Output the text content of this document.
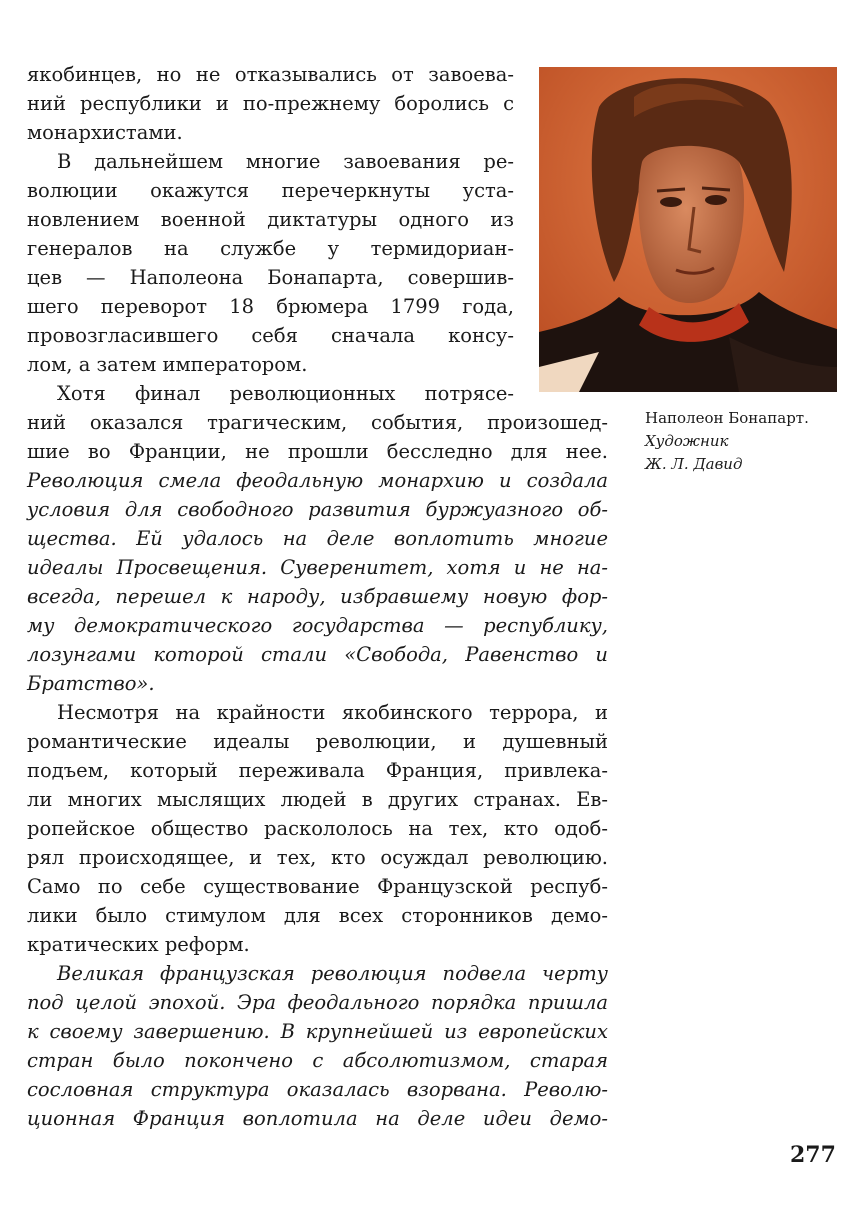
якобинцев, но не отказывались от завоева-
ний республики и по-прежнему боролись с
монархистами.
В дальнейшем многие завоевания ре-
волюции окажутся перечеркнуты уста-
новлением военной диктатуры одного из
генералов на службе у термидориан-
цев — Наполеона Бонапарта, совершив-
шего переворот 18 брюмера 1799 года,
провозгласившего себя сначала консу-
лом, а затем императором.
Хотя финал революционных потрясе-
ний оказался трагическим, события, произошед-
шие во Франции, не прошли бесследно для нее.
Революция смела феодальную монархию и создала
условия для свободного развития буржуазного об-
щества. Ей удалось на деле воплотить многие
идеалы Просвещения. Суверенитет, хотя и не на-
всегда, перешел к народу, избравшему новую фор-
му демократического государства — республику,
лозунгами которой стали «Свобода, Равенство и
Братство».
Несмотря на крайности якобинского террора, и
романтические идеалы революции, и душевный
подъем, который переживала Франция, привлека-
ли многих мыслящих людей в других странах. Ев-
ропейское общество раскололось на тех, кто одоб-
рял происходящее, и тех, кто осуждал революцию.
Само по себе существование Французской респуб-
лики было стимулом для всех сторонников демо-
кратических реформ.
Великая французская революция подвела черту
под целой эпохой. Эра феодального порядка пришла
к своему завершению. В крупнейшей из европейских
стран было покончено с абсолютизмом, старая
сословная структура оказалась взорвана. Револю-
ционная Франция воплотила на деле идеи демо-
Наполеон Бонапарт.
Художник
Ж. Л. Давид
277
